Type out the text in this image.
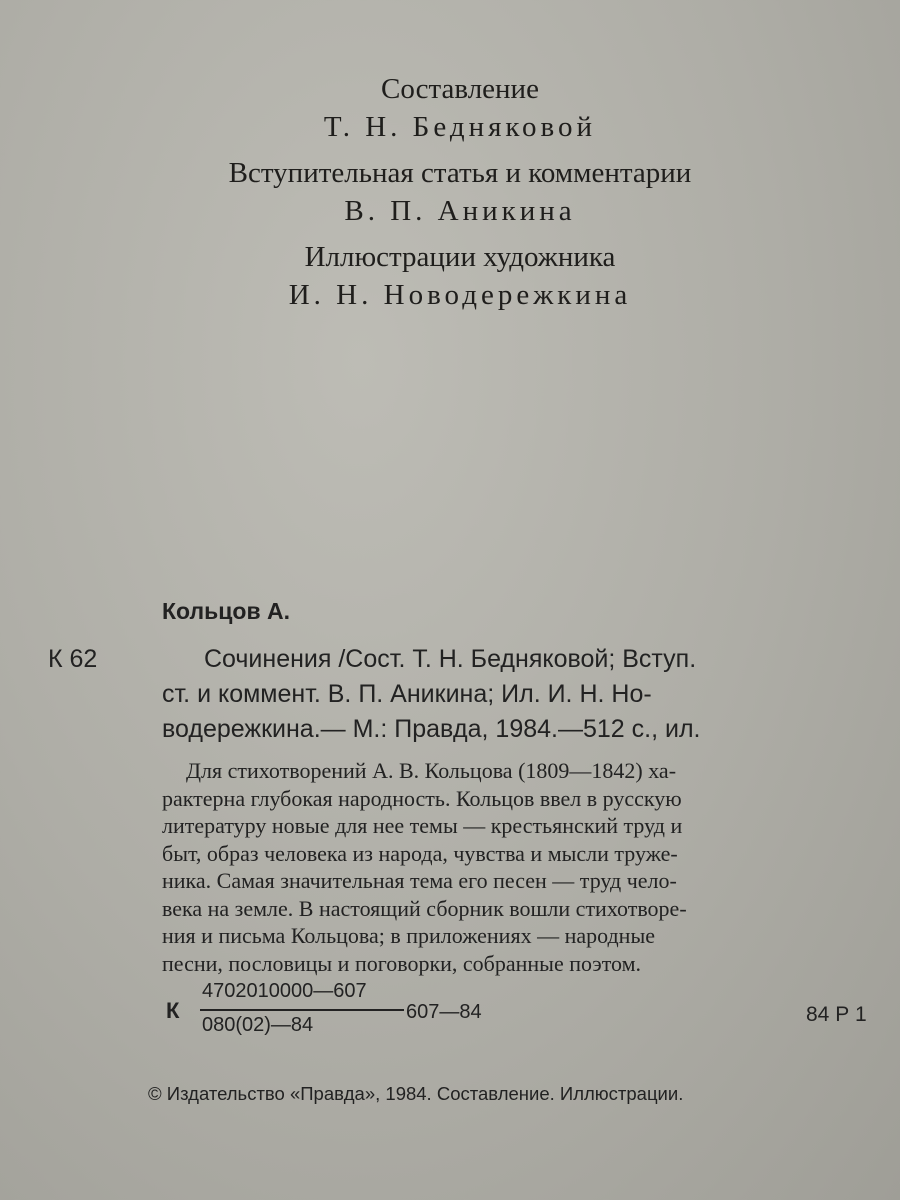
Составление
Т. Н. Бедняковой
Вступительная статья и комментарии
В. П. Аникина
Иллюстрации художника
И. Н. Новодережкина
Кольцов А.
К 62	Сочинения /Сост. Т. Н. Бедняковой; Вступ.
ст. и коммент. В. П. Аникина; Ил. И. Н. Но-
водережкина.— М.: Правда, 1984.—512 с., ил.
Для стихотворений А. В. Кольцова (1809—1842) ха-
рактерна глубокая народность. Кольцов ввел в русскую
литературу новые для нее темы — крестьянский труд и
быт, образ человека из народа, чувства и мысли труже-
ника. Самая значительная тема его песен — труд чело-
века на земле. В настоящий сборник вошли стихотворе-
ния и письма Кольцова; в приложениях — народные
песни, пословицы и поговорки, собранные поэтом.
К
4702010000—607
080(02)—84
607—84	84 Р 1
© Издательство «Правда», 1984. Составление. Иллюстрации.
